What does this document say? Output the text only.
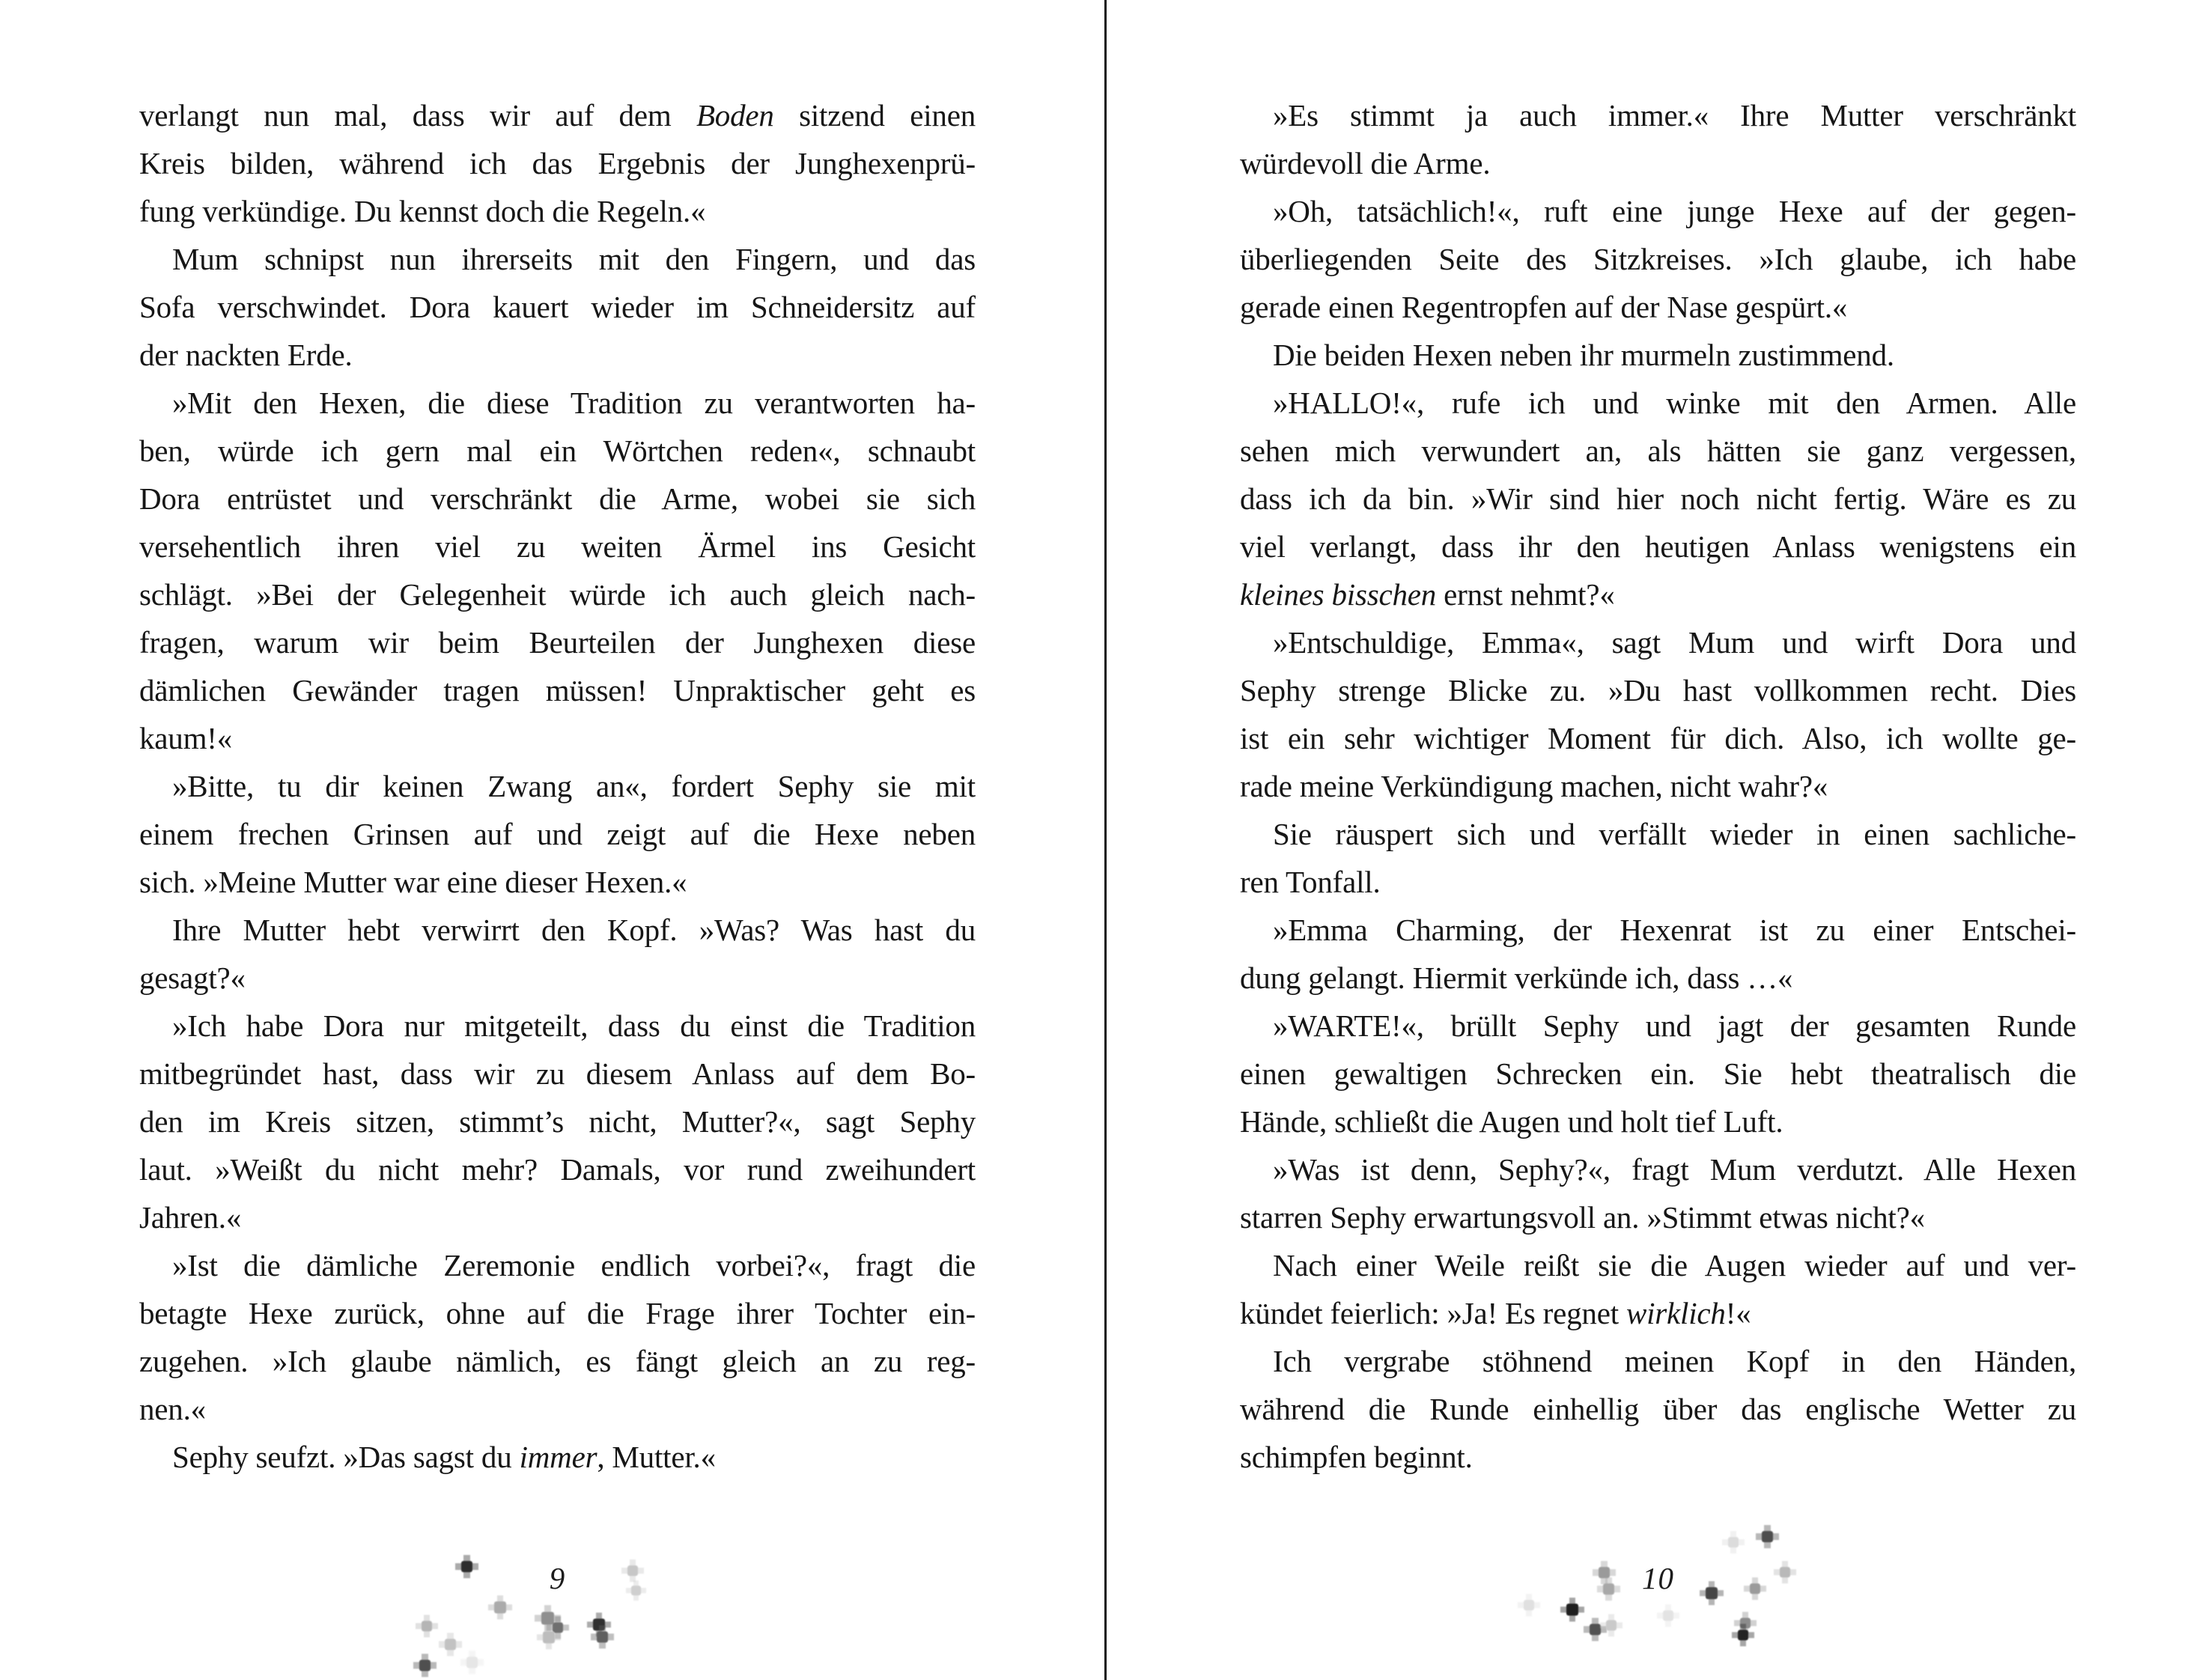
verlangt nun mal, dass wir auf dem Boden sitzend einen
Kreis bilden, während ich das Ergebnis der Junghexenprü-
fung verkündige. Du kennst doch die Regeln.«
Mum schnipst nun ihrerseits mit den Fingern, und das
Sofa verschwindet. Dora kauert wieder im Schneidersitz auf
der nackten Erde.
»Mit den Hexen, die diese Tradition zu verantworten ha-
ben, würde ich gern mal ein Wörtchen reden«, schnaubt
Dora entrüstet und verschränkt die Arme, wobei sie sich
versehentlich ihren viel zu weiten Ärmel ins Gesicht
schlägt. »Bei der Gelegenheit würde ich auch gleich nach-
fragen, warum wir beim Beurteilen der Junghexen diese
dämlichen Gewänder tragen müssen! Unpraktischer geht es
kaum!«
»Bitte, tu dir keinen Zwang an«, fordert Sephy sie mit
einem frechen Grinsen auf und zeigt auf die Hexe neben
sich. »Meine Mutter war eine dieser Hexen.«
Ihre Mutter hebt verwirrt den Kopf. »Was? Was hast du
gesagt?«
»Ich habe Dora nur mitgeteilt, dass du einst die Tradition
mitbegründet hast, dass wir zu diesem Anlass auf dem Bo-
den im Kreis sitzen, stimmt’s nicht, Mutter?«, sagt Sephy
laut. »Weißt du nicht mehr? Damals, vor rund zweihundert
Jahren.«
»Ist die dämliche Zeremonie endlich vorbei?«, fragt die
betagte Hexe zurück, ohne auf die Frage ihrer Tochter ein-
zugehen. »Ich glaube nämlich, es fängt gleich an zu reg-
nen.«
Sephy seufzt. »Das sagst du immer, Mutter.«
9
»Es stimmt ja auch immer.« Ihre Mutter verschränkt
würdevoll die Arme.
»Oh, tatsächlich!«, ruft eine junge Hexe auf der gegen-
überliegenden Seite des Sitzkreises. »Ich glaube, ich habe
gerade einen Regentropfen auf der Nase gespürt.«
Die beiden Hexen neben ihr murmeln zustimmend.
»HALLO!«, rufe ich und winke mit den Armen. Alle
sehen mich verwundert an, als hätten sie ganz vergessen,
dass ich da bin. »Wir sind hier noch nicht fertig. Wäre es zu
viel verlangt, dass ihr den heutigen Anlass wenigstens ein
kleines bisschen ernst nehmt?«
»Entschuldige, Emma«, sagt Mum und wirft Dora und
Sephy strenge Blicke zu. »Du hast vollkommen recht. Dies
ist ein sehr wichtiger Moment für dich. Also, ich wollte ge-
rade meine Verkündigung machen, nicht wahr?«
Sie räuspert sich und verfällt wieder in einen sachliche-
ren Tonfall.
»Emma Charming, der Hexenrat ist zu einer Entschei-
dung gelangt. Hiermit verkünde ich, dass …«
»WARTE!«, brüllt Sephy und jagt der gesamten Runde
einen gewaltigen Schrecken ein. Sie hebt theatralisch die
Hände, schließt die Augen und holt tief Luft.
»Was ist denn, Sephy?«, fragt Mum verdutzt. Alle Hexen
starren Sephy erwartungsvoll an. »Stimmt etwas nicht?«
Nach einer Weile reißt sie die Augen wieder auf und ver-
kündet feierlich: »Ja! Es regnet wirklich!«
Ich vergrabe stöhnend meinen Kopf in den Händen,
während die Runde einhellig über das englische Wetter zu
schimpfen beginnt.
10
